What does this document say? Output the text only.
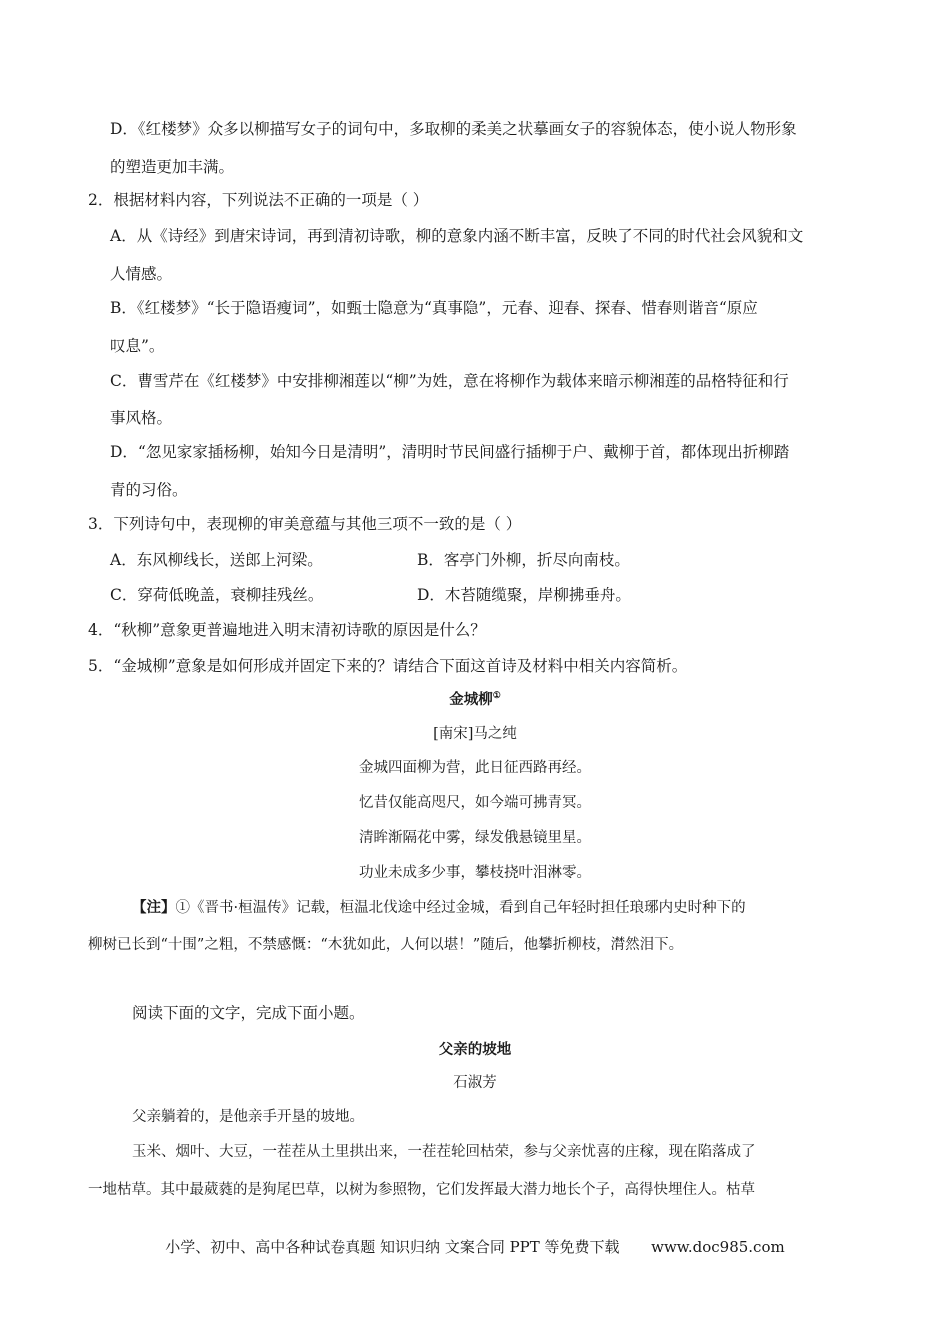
D．《红楼梦》众多以柳描写女子的词句中，多取柳的柔美之状摹画女子的容貌体态，使小说人物形象
的塑造更加丰满。
2．根据材料内容，下列说法不正确的一项是（ ）
A．从《诗经》到唐宋诗词，再到清初诗歌，柳的意象内涵不断丰富，反映了不同的时代社会风貌和文
人情感。
B．《红楼梦》“长于隐语瘦词”，如甄士隐意为“真事隐”，元春、迎春、探春、惜春则谐音“原应
叹息”。
C．曹雪芹在《红楼梦》中安排柳湘莲以“柳”为姓，意在将柳作为载体来暗示柳湘莲的品格特征和行
事风格。
D．“忽见家家插杨柳，始知今日是清明”，清明时节民间盛行插柳于户、戴柳于首，都体现出折柳踏
青的习俗。
3．下列诗句中，表现柳的审美意蕴与其他三项不一致的是（ ）
A．东风柳线长，送郎上河梁。	B．客亭门外柳，折尽向南枝。
C．穿荷低晚盖，衰柳挂残丝。	D．木苔随缆聚，岸柳拂垂舟。
4．“秋柳”意象更普遍地进入明末清初诗歌的原因是什么？
5．“金城柳”意象是如何形成并固定下来的？请结合下面这首诗及材料中相关内容简析。
金城柳①
[南宋]马之纯
金城四面柳为营，此日征西路再经。
忆昔仅能高咫尺，如今端可拂青冥。
清眸渐隔花中雾，绿发俄悬镜里星。
功业未成多少事，攀枝挠叶泪淋零。
【注】①《晋书·桓温传》记载，桓温北伐途中经过金城，看到自己年轻时担任琅琊内史时种下的
柳树已长到“十围”之粗，不禁感慨：“木犹如此，人何以堪！”随后，他攀折柳枝，潸然泪下。
阅读下面的文字，完成下面小题。
父亲的坡地
石淑芳
父亲躺着的，是他亲手开垦的坡地。
玉米、烟叶、大豆，一茬茬从土里拱出来，一茬茬轮回枯荣，参与父亲忧喜的庄稼，现在陷落成了
一地枯草。其中最葳蕤的是狗尾巴草，以树为参照物，它们发挥最大潜力地长个子，高得快埋住人。枯草
小学、初中、高中各种试卷真题 知识归纳 文案合同 PPT 等免费下载 www.doc985.com
